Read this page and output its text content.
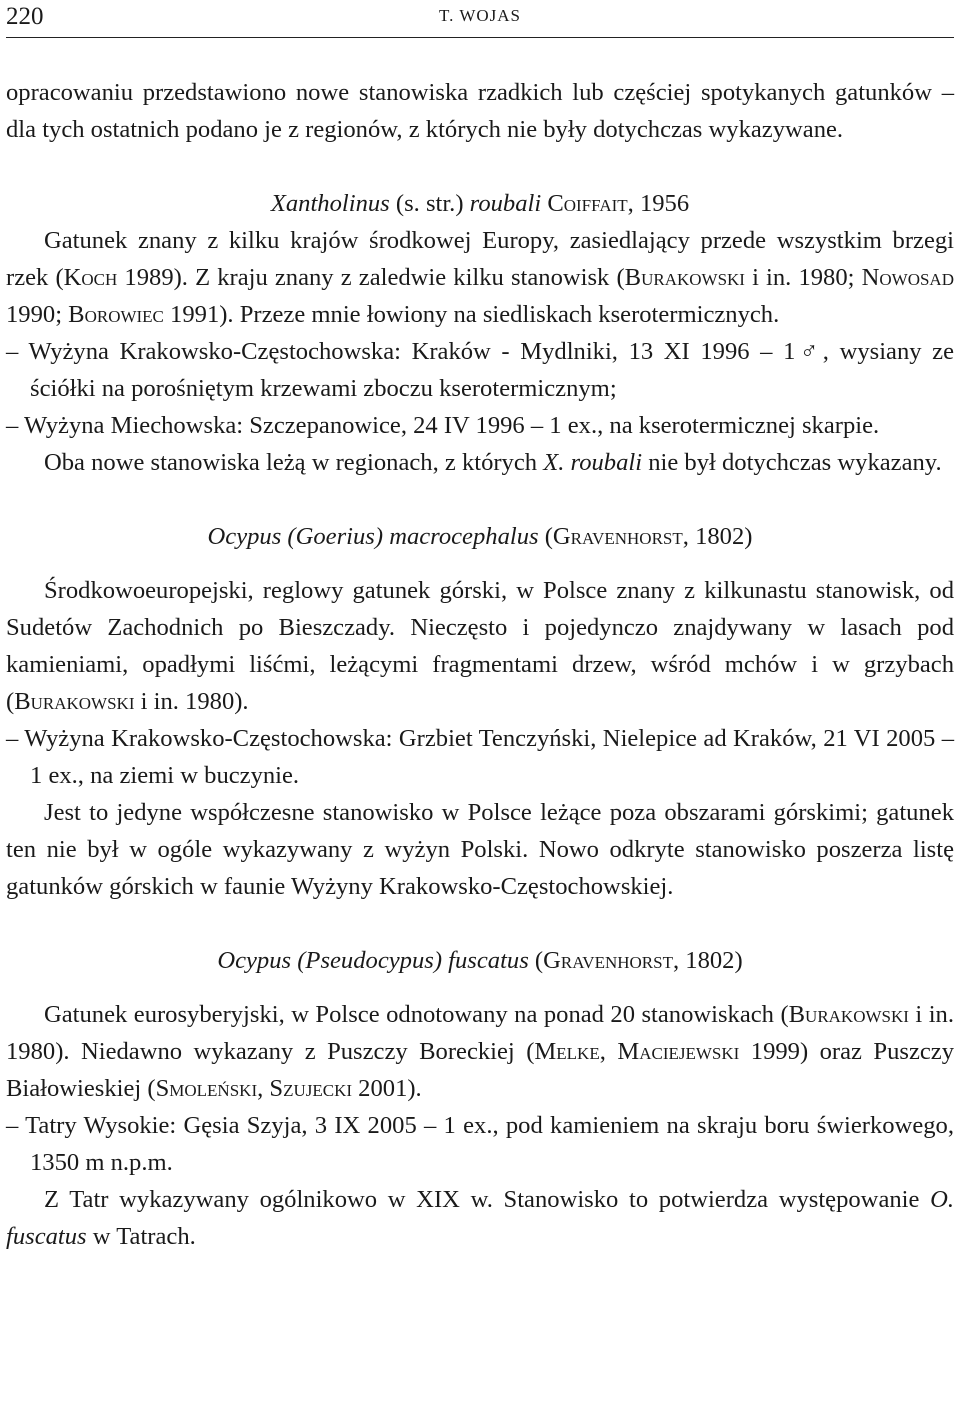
220	T. WOJAS

opracowaniu przedstawiono nowe stanowiska rzadkich lub częściej spotykanych gatunków – dla tych ostatnich podano je z regionów, z których nie były dotychczas wykazywane.

Xantholinus (s. str.) roubali Coiffait, 1956

Gatunek znany z kilku krajów środkowej Europy, zasiedlający przede wszystkim brzegi rzek (Koch 1989). Z kraju znany z zaledwie kilku stanowisk (Burakowski i in. 1980; Nowosad 1990; Borowiec 1991). Przeze mnie łowiony na siedliskach kserotermicznych.

– Wyżyna Krakowsko-Częstochowska: Kraków - Mydlniki, 13 XI 1996 – 1♂, wysiany ze ściółki na porośniętym krzewami zboczu kserotermicznym;

– Wyżyna Miechowska: Szczepanowice, 24 IV 1996 – 1 ex., na kserotermicznej skarpie.

Oba nowe stanowiska leżą w regionach, z których X. roubali nie był dotychczas wykazany.

Ocypus (Goerius) macrocephalus (Gravenhorst, 1802)

Środkowoeuropejski, reglowy gatunek górski, w Polsce znany z kilkunastu stanowisk, od Sudetów Zachodnich po Bieszczady. Nieczęsto i pojedynczo znajdywany w lasach pod kamieniami, opadłymi liśćmi, leżącymi fragmentami drzew, wśród mchów i w grzybach (Burakowski i in. 1980).

– Wyżyna Krakowsko-Częstochowska: Grzbiet Tenczyński, Nielepice ad Kraków, 21 VI 2005 – 1 ex., na ziemi w buczynie.

Jest to jedyne współczesne stanowisko w Polsce leżące poza obszarami górskimi; gatunek ten nie był w ogóle wykazywany z wyżyn Polski. Nowo odkryte stanowisko poszerza listę gatunków górskich w faunie Wyżyny Krakowsko-Częstochowskiej.

Ocypus (Pseudocypus) fuscatus (Gravenhorst, 1802)

Gatunek eurosyberyjski, w Polsce odnotowany na ponad 20 stanowiskach (Burakowski i in. 1980). Niedawno wykazany z Puszczy Boreckiej (Melke, Maciejewski 1999) oraz Puszczy Białowieskiej (Smoleński, Szujecki 2001).

– Tatry Wysokie: Gęsia Szyja, 3 IX 2005 – 1 ex., pod kamieniem na skraju boru świerkowego, 1350 m n.p.m.

Z Tatr wykazywany ogólnikowo w XIX w. Stanowisko to potwierdza występowanie O. fuscatus w Tatrach.
